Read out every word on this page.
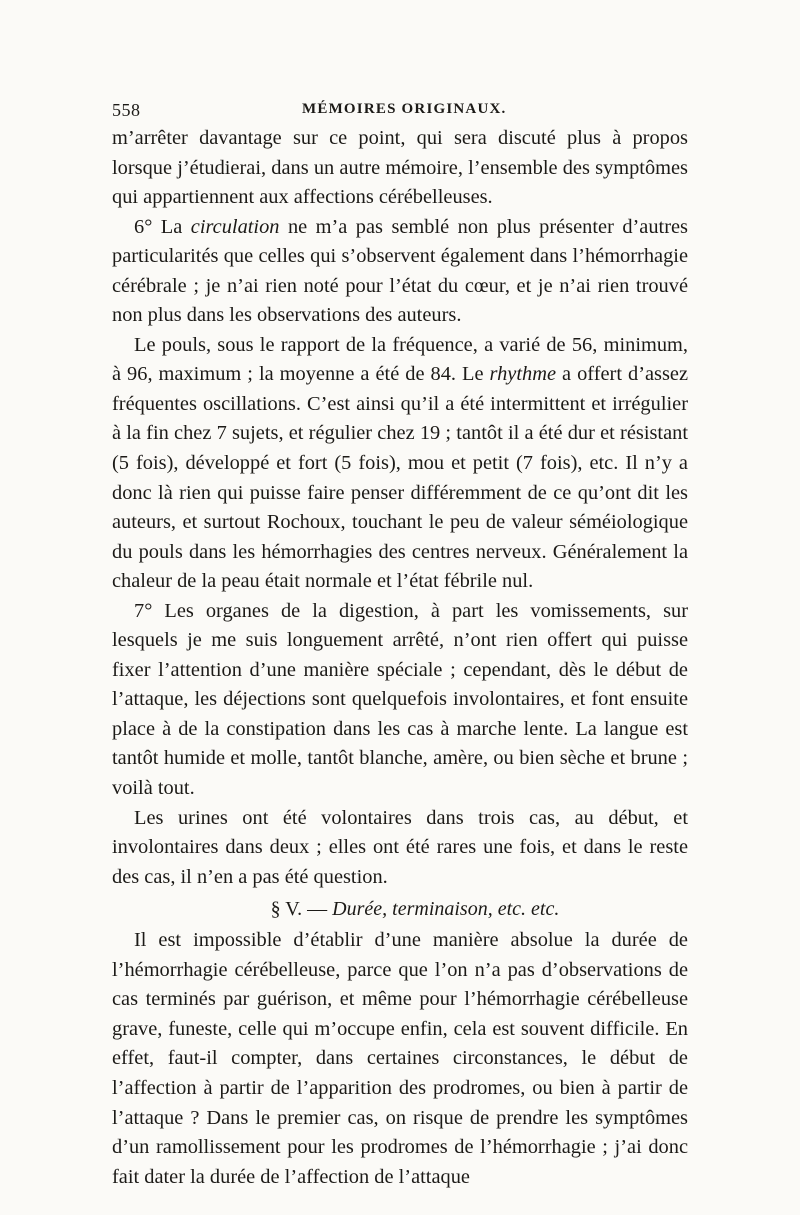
558	MÉMOIRES ORIGINAUX.

m’arrêter davantage sur ce point, qui sera discuté plus à propos lorsque j’étudierai, dans un autre mémoire, l’ensemble des symptômes qui appartiennent aux affections cérébelleuses.

6° La circulation ne m’a pas semblé non plus présenter d’autres particularités que celles qui s’observent également dans l’hémorrhagie cérébrale ; je n’ai rien noté pour l’état du cœur, et je n’ai rien trouvé non plus dans les observations des auteurs.

Le pouls, sous le rapport de la fréquence, a varié de 56, minimum, à 96, maximum ; la moyenne a été de 84. Le rhythme a offert d’assez fréquentes oscillations. C’est ainsi qu’il a été intermittent et irrégulier à la fin chez 7 sujets, et régulier chez 19 ; tantôt il a été dur et résistant (5 fois), développé et fort (5 fois), mou et petit (7 fois), etc. Il n’y a donc là rien qui puisse faire penser différemment de ce qu’ont dit les auteurs, et surtout Rochoux, touchant le peu de valeur séméiologique du pouls dans les hémorrhagies des centres nerveux. Généralement la chaleur de la peau était normale et l’état fébrile nul.

7° Les organes de la digestion, à part les vomissements, sur lesquels je me suis longuement arrêté, n’ont rien offert qui puisse fixer l’attention d’une manière spéciale ; cependant, dès le début de l’attaque, les déjections sont quelquefois involontaires, et font ensuite place à de la constipation dans les cas à marche lente. La langue est tantôt humide et molle, tantôt blanche, amère, ou bien sèche et brune ; voilà tout.

Les urines ont été volontaires dans trois cas, au début, et involontaires dans deux ; elles ont été rares une fois, et dans le reste des cas, il n’en a pas été question.

§ V. — Durée, terminaison, etc. etc.

Il est impossible d’établir d’une manière absolue la durée de l’hémorrhagie cérébelleuse, parce que l’on n’a pas d’observations de cas terminés par guérison, et même pour l’hémorrhagie cérébelleuse grave, funeste, celle qui m’occupe enfin, cela est souvent difficile. En effet, faut-il compter, dans certaines circonstances, le début de l’affection à partir de l’apparition des prodromes, ou bien à partir de l’attaque ? Dans le premier cas, on risque de prendre les symptômes d’un ramollissement pour les prodromes de l’hémorrhagie ; j’ai donc fait dater la durée de l’affection de l’attaque
